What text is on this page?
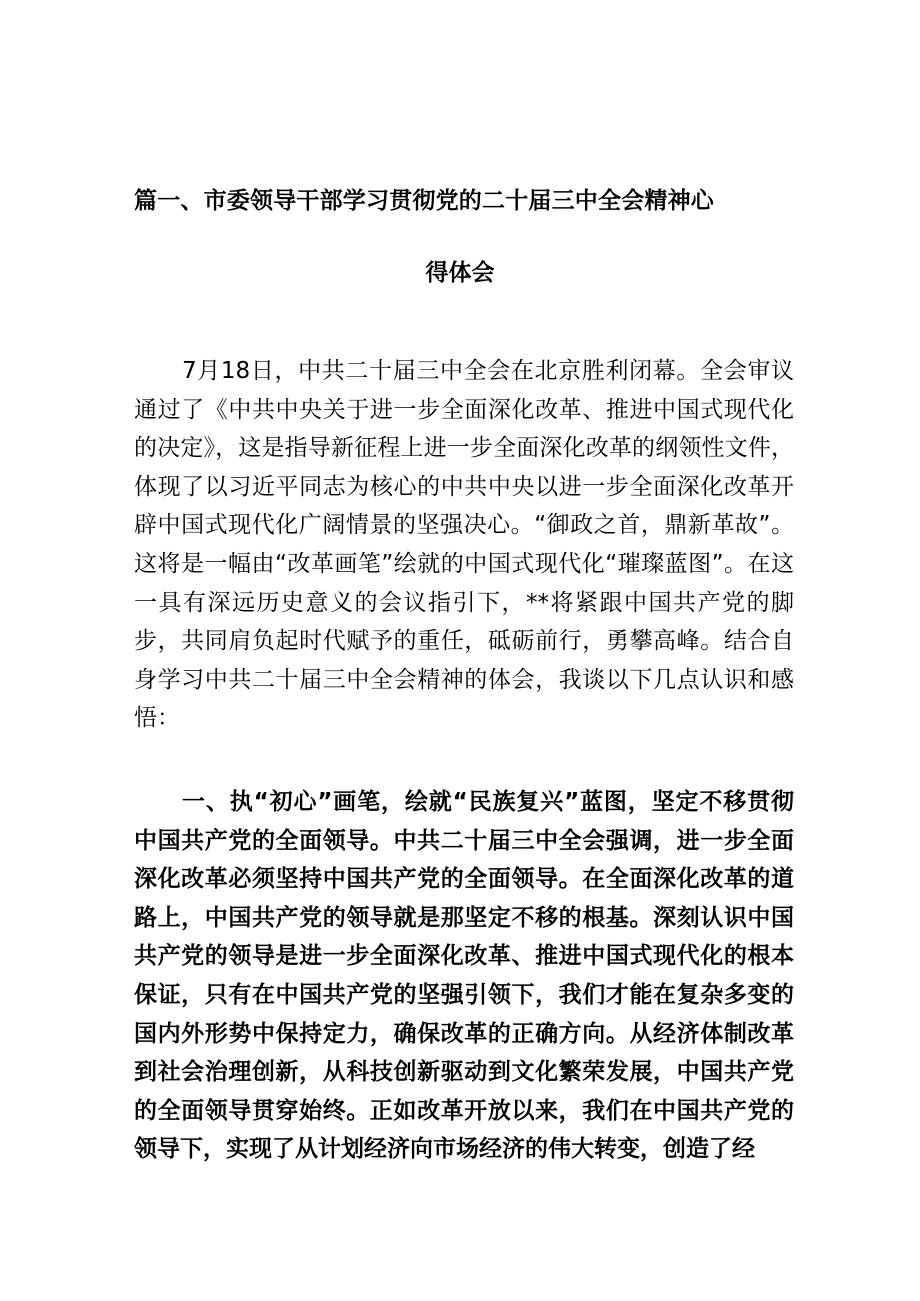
篇一、市委领导干部学习贯彻党的二十届三中全会精神心
得体会

7月18日，中共二十届三中全会在北京胜利闭幕。全会审议通过了《中共中央关于进一步全面深化改革、推进中国式现代化的决定》，这是指导新征程上进一步全面深化改革的纲领性文件，体现了以习近平同志为核心的中共中央以进一步全面深化改革开辟中国式现代化广阔情景的坚强决心。“御政之首，鼎新革故”。这将是一幅由“改革画笔”绘就的中国式现代化“璀璨蓝图”。在这一具有深远历史意义的会议指引下，**将紧跟中国共产党的脚步，共同肩负起时代赋予的重任，砥砺前行，勇攀高峰。结合自身学习中共二十届三中全会精神的体会，我谈以下几点认识和感悟：

一、执“初心”画笔，绘就“民族复兴”蓝图，坚定不移贯彻中国共产党的全面领导。中共二十届三中全会强调，进一步全面深化改革必须坚持中国共产党的全面领导。在全面深化改革的道路上，中国共产党的领导就是那坚定不移的根基。深刻认识中国共产党的领导是进一步全面深化改革、推进中国式现代化的根本保证，只有在中国共产党的坚强引领下，我们才能在复杂多变的国内外形势中保持定力，确保改革的正确方向。从经济体制改革到社会治理创新，从科技创新驱动到文化繁荣发展，中国共产党的全面领导贯穿始终。正如改革开放以来，我们在中国共产党的领导下，实现了从计划经济向市场经济的伟大转变，创造了经
